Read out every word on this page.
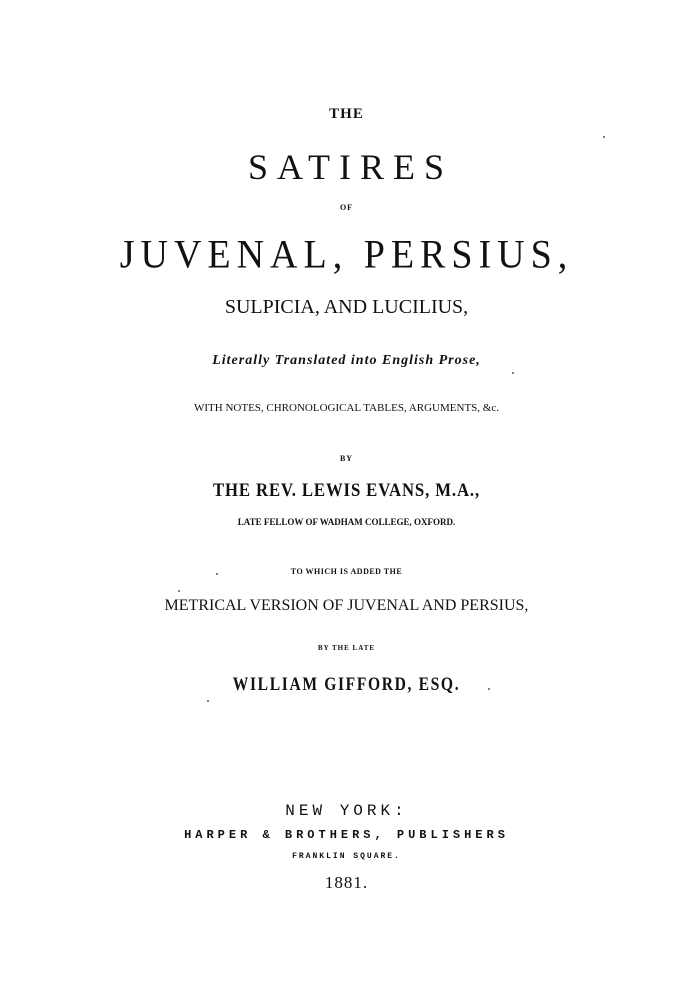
THE
SATIRES
OF
JUVENAL, PERSIUS,
SULPICIA, AND LUCILIUS,
Literally Translated into English Prose,
WITH NOTES, CHRONOLOGICAL TABLES, ARGUMENTS, &c.
BY
THE REV. LEWIS EVANS, M.A.,
LATE FELLOW OF WADHAM COLLEGE, OXFORD.
TO WHICH IS ADDED THE
METRICAL VERSION OF JUVENAL AND PERSIUS,
BY THE LATE
WILLIAM GIFFORD, ESQ.
NEW YORK:
HARPER & BROTHERS, PUBLISHERS
FRANKLIN SQUARE.
1881.
